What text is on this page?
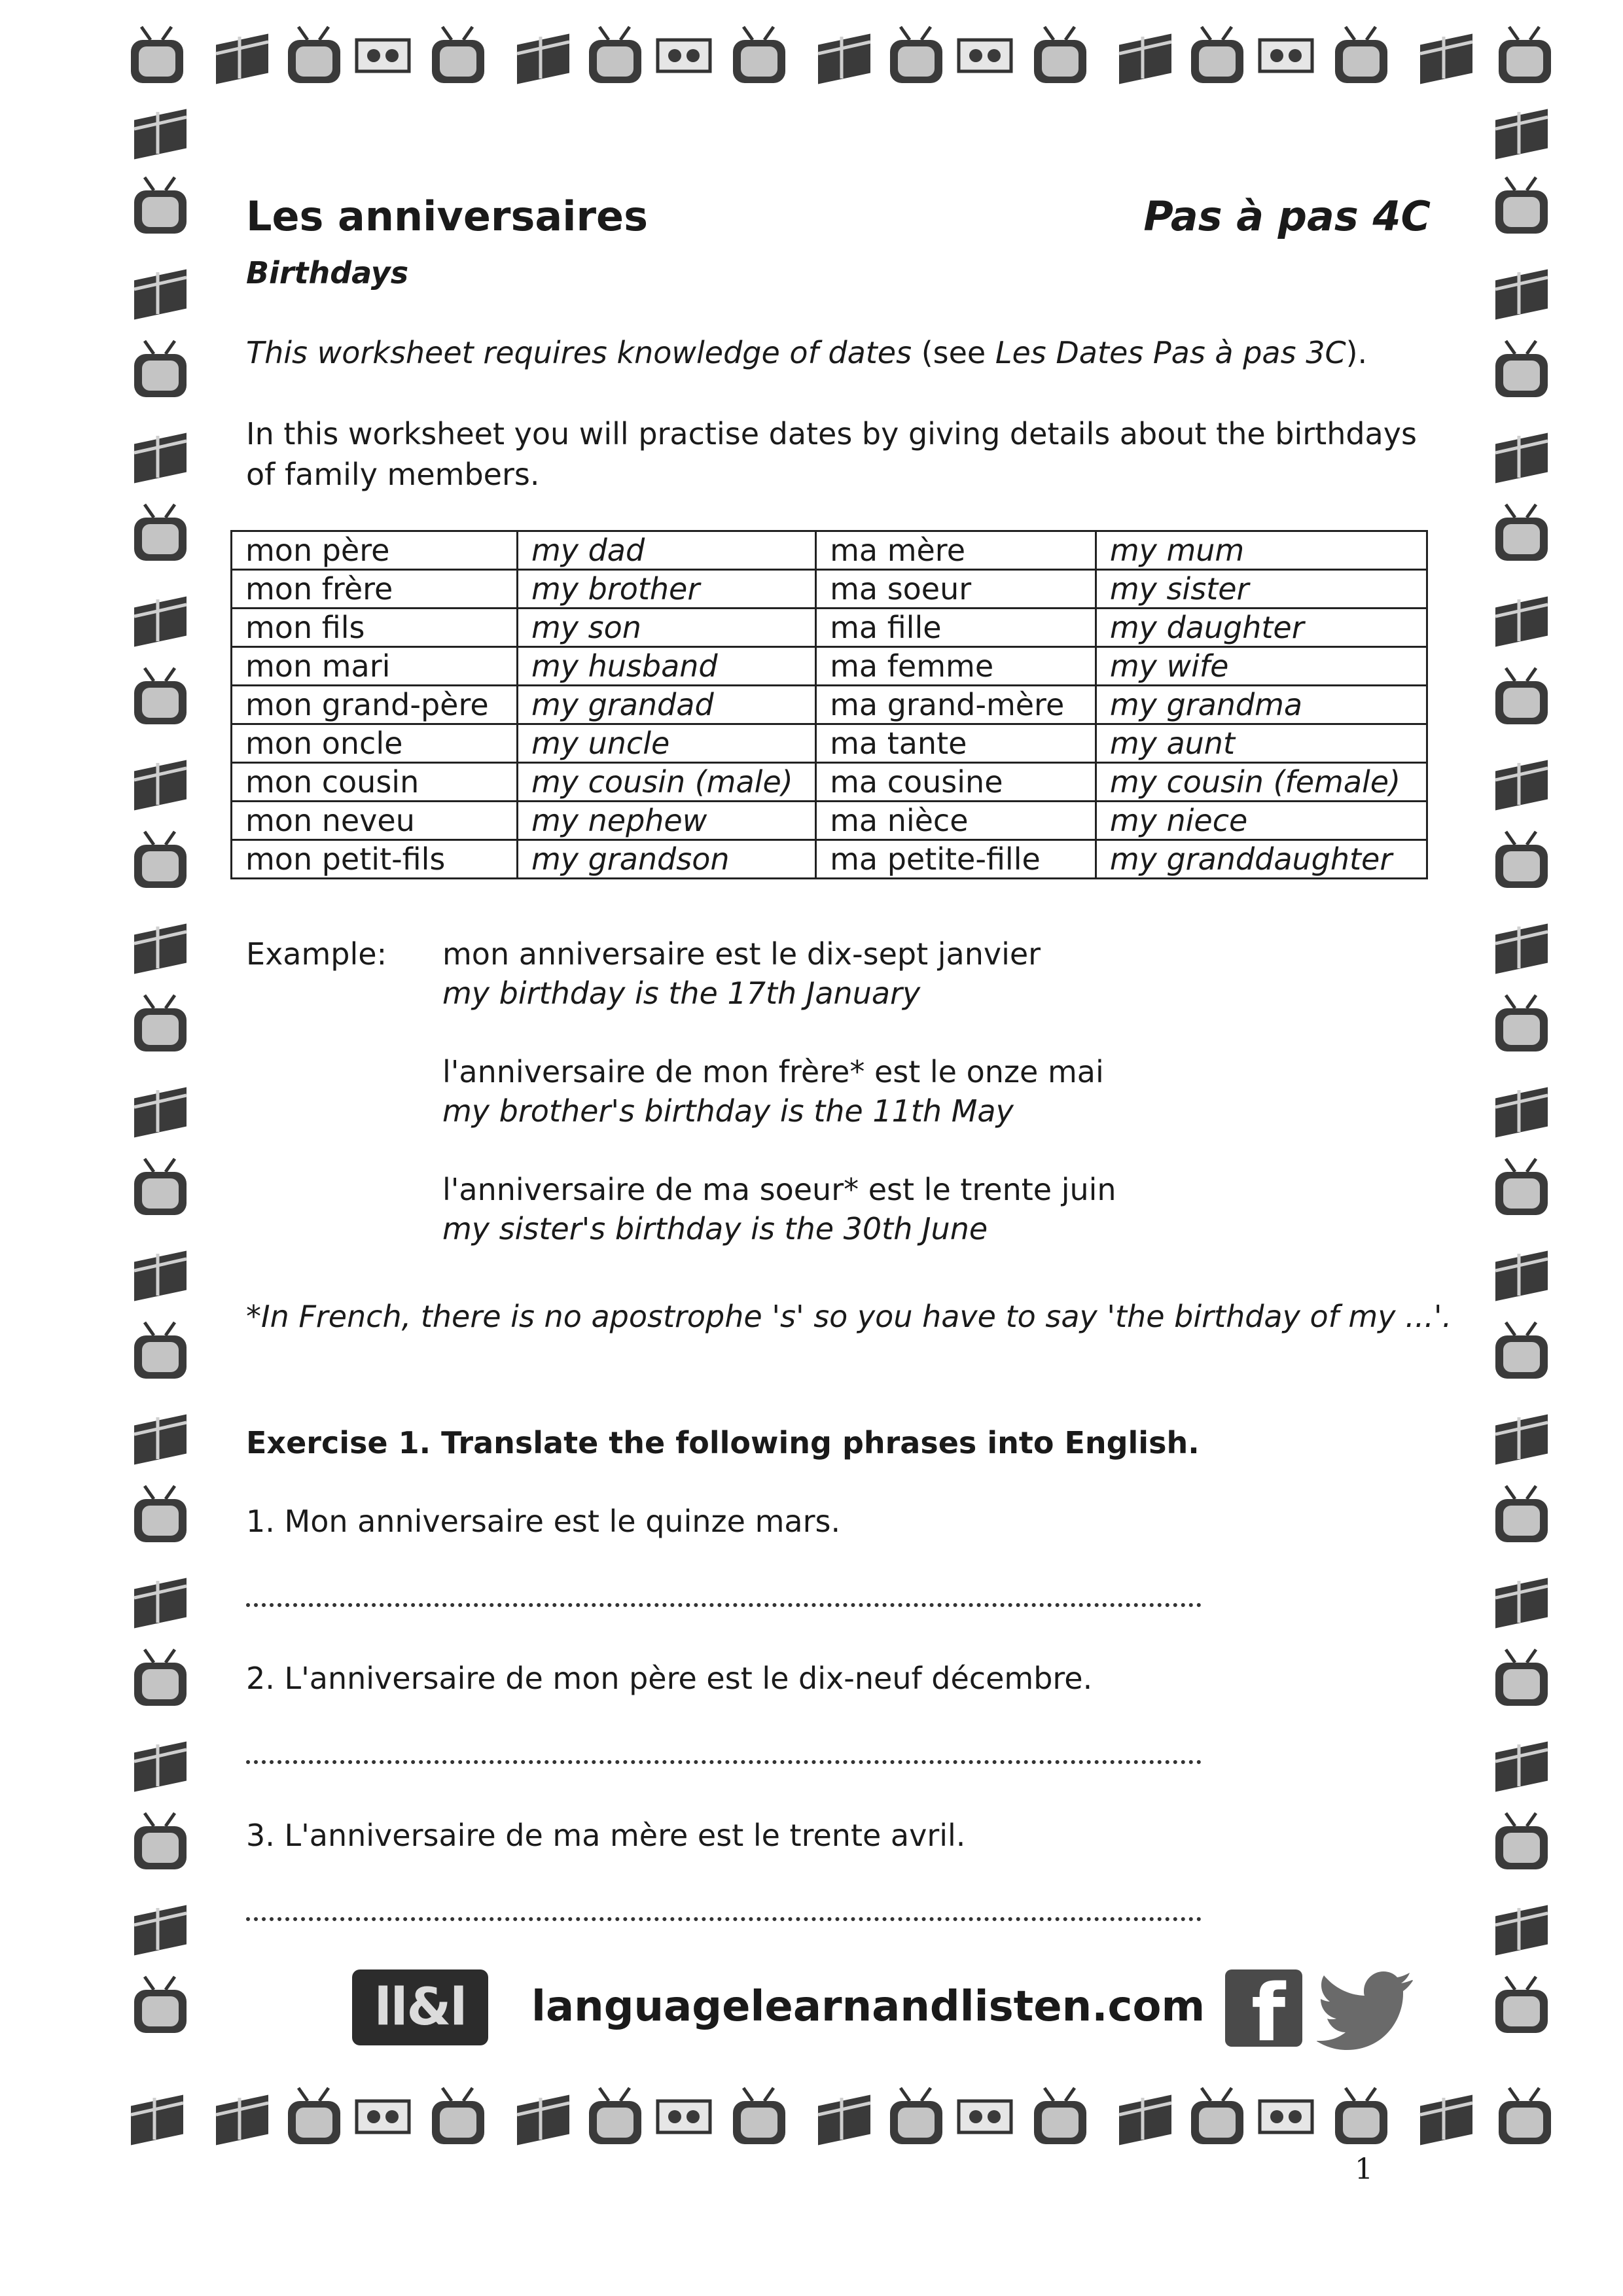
Les anniversaires	Pas à pas 4C
Birthdays
This worksheet requires knowledge of dates (see Les Dates Pas à pas 3C).
In this worksheet you will practise dates by giving details about the birthdays of family members.
mon père	my dad	ma mère	my mum
mon frère	my brother	ma soeur	my sister
mon fils	my son	ma fille	my daughter
mon mari	my husband	ma femme	my wife
mon grand-père	my grandad	ma grand-mère	my grandma
mon oncle	my uncle	ma tante	my aunt
mon cousin	my cousin (male)	ma cousine	my cousin (female)
mon neveu	my nephew	ma nièce	my niece
mon petit-fils	my grandson	ma petite-fille	my granddaughter
Example: mon anniversaire est le dix-sept janvier
my birthday is the 17th January
l'anniversaire de mon frère* est le onze mai
my brother's birthday is the 11th May
l'anniversaire de ma soeur* est le trente juin
my sister's birthday is the 30th June
*In French, there is no apostrophe 's' so you have to say 'the birthday of my ...'.
Exercise 1. Translate the following phrases into English.
1. Mon anniversaire est le quinze mars.
2. L'anniversaire de mon père est le dix-neuf décembre.
3. L'anniversaire de ma mère est le trente avril.
ll&l	languagelearnandlisten.com f
1
